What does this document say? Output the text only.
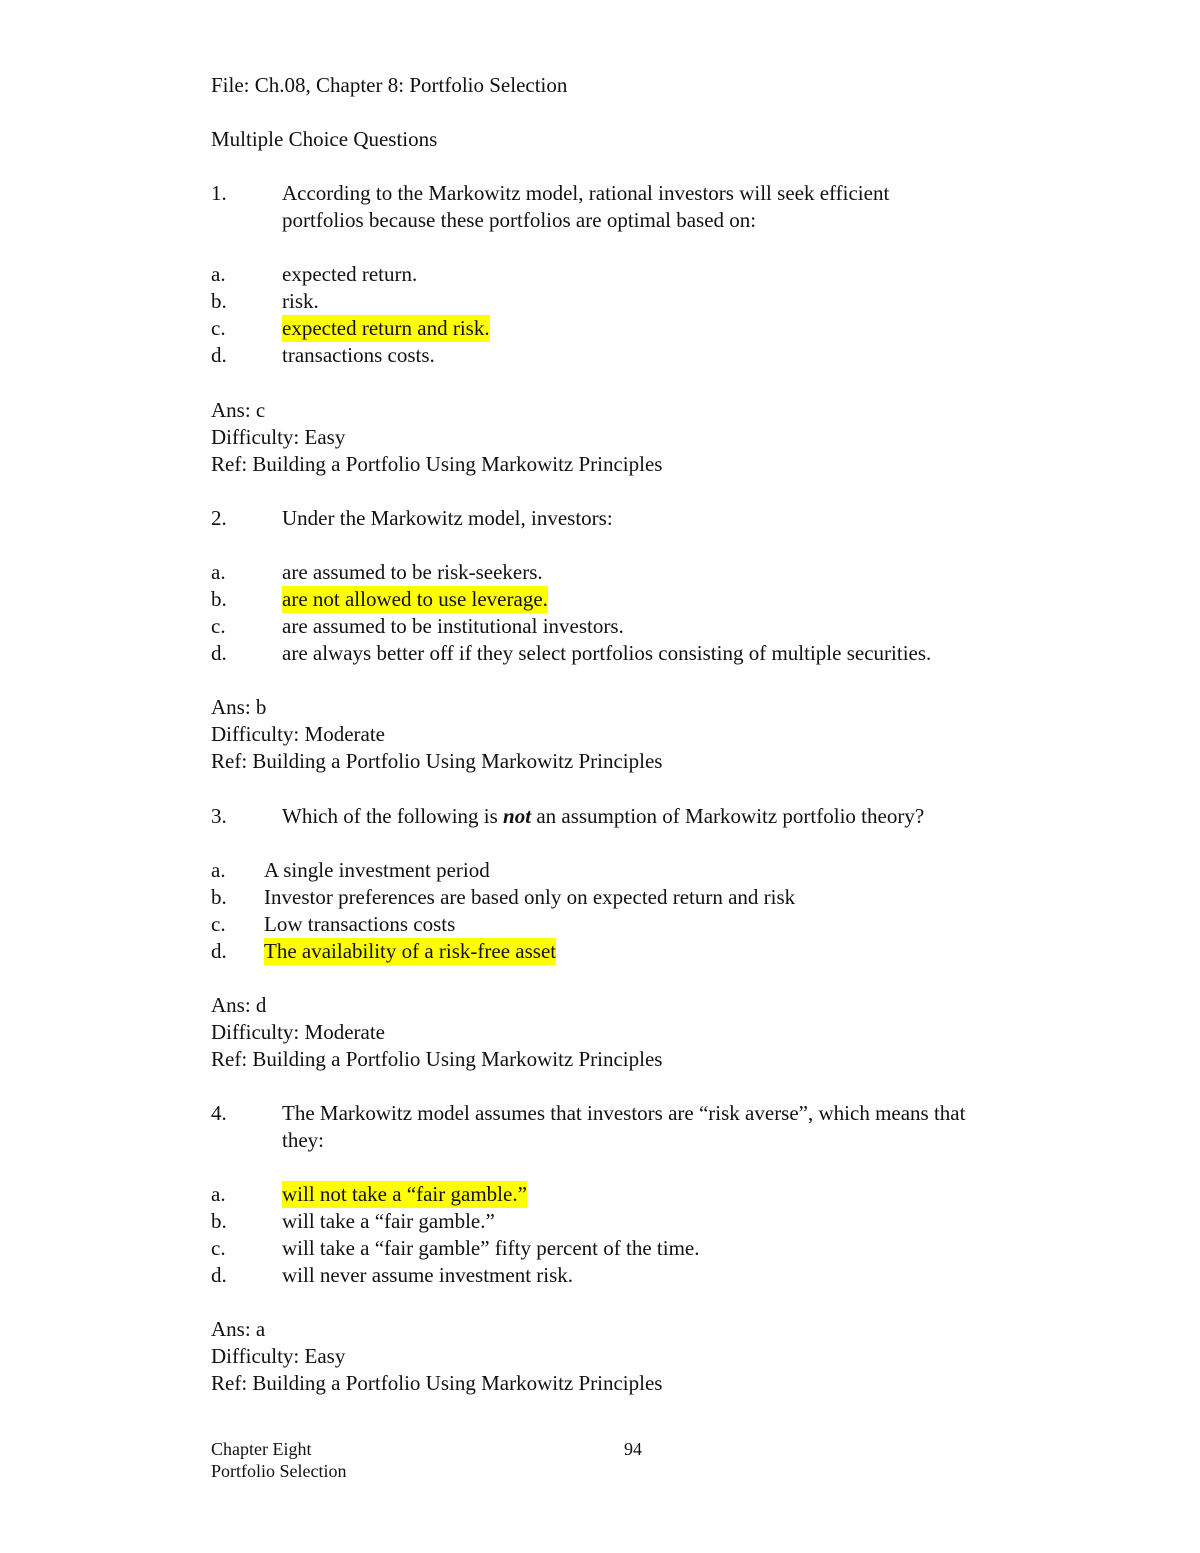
File: Ch.08, Chapter 8: Portfolio Selection
Multiple Choice Questions
1.	According to the Markowitz model, rational investors will seek efficient
portfolios because these portfolios are optimal based on:
a.	expected return.
b.	risk.
c.	expected return and risk.
d.	transactions costs.
Ans: c
Difficulty: Easy
Ref: Building a Portfolio Using Markowitz Principles
2.	Under the Markowitz model, investors:
a.	are assumed to be risk-seekers.
b.	are not allowed to use leverage.
c.	are assumed to be institutional investors.
d.	are always better off if they select portfolios consisting of multiple securities.
Ans: b
Difficulty: Moderate
Ref: Building a Portfolio Using Markowitz Principles
3.	Which of the following is not an assumption of Markowitz portfolio theory?
a. A single investment period
b. Investor preferences are based only on expected return and risk
c. Low transactions costs
d. The availability of a risk-free asset
Ans: d
Difficulty: Moderate
Ref: Building a Portfolio Using Markowitz Principles
4.	The Markowitz model assumes that investors are “risk averse”, which means that
they:
a.	will not take a “fair gamble.”
b.	will take a “fair gamble.”
c.	will take a “fair gamble” fifty percent of the time.
d.	will never assume investment risk.
Ans: a
Difficulty: Easy
Ref: Building a Portfolio Using Markowitz Principles
Chapter Eight
Portfolio Selection
94
